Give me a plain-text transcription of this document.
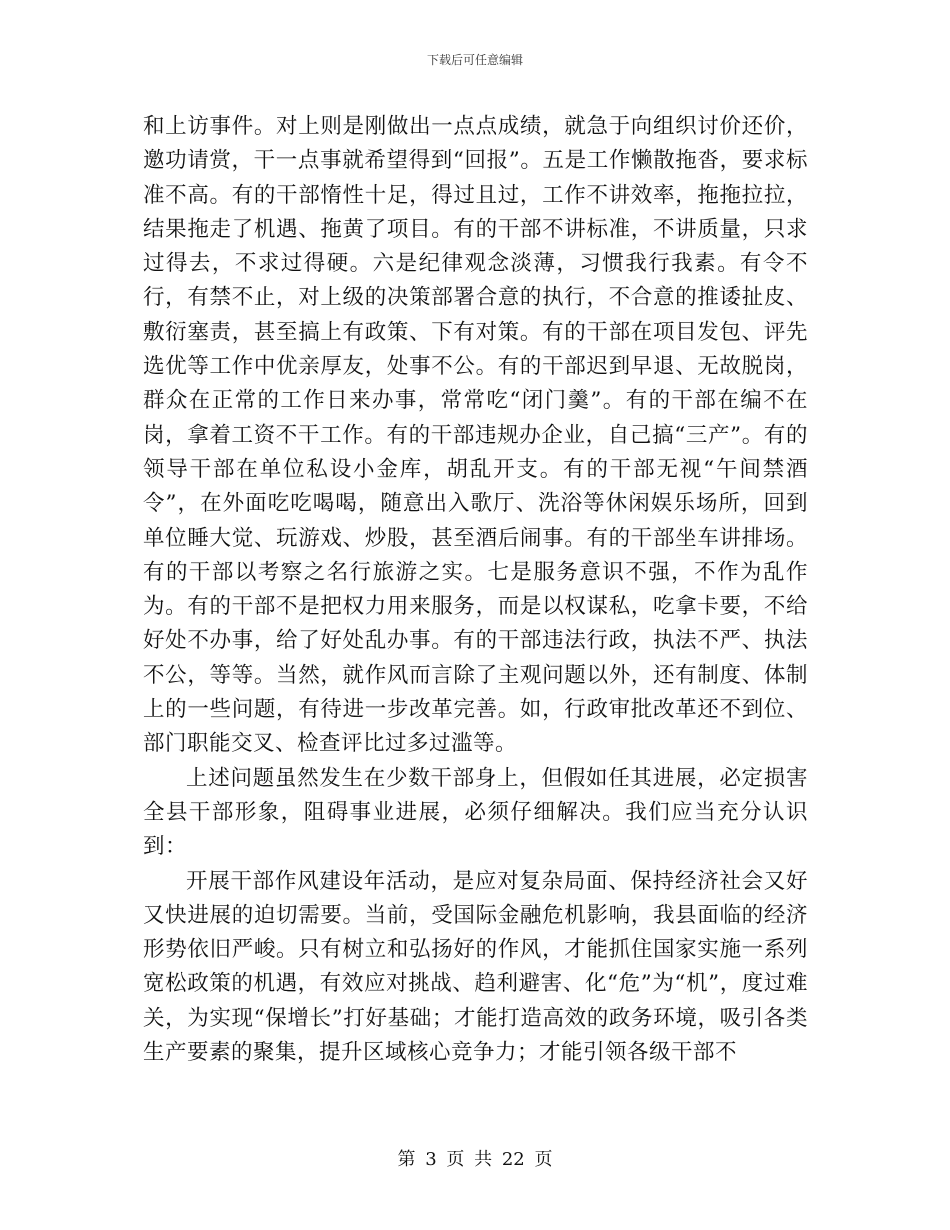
下载后可任意编辑

和上访事件。对上则是刚做出一点点成绩，就急于向组织讨价还价，邀功请赏，干一点事就希望得到“回报”。五是工作懒散拖沓，要求标准不高。有的干部惰性十足，得过且过，工作不讲效率，拖拖拉拉，结果拖走了机遇、拖黄了项目。有的干部不讲标准，不讲质量，只求过得去，不求过得硬。六是纪律观念淡薄，习惯我行我素。有令不行，有禁不止，对上级的决策部署合意的执行，不合意的推诿扯皮、敷衍塞责，甚至搞上有政策、下有对策。有的干部在项目发包、评先选优等工作中优亲厚友，处事不公。有的干部迟到早退、无故脱岗，群众在正常的工作日来办事，常常吃“闭门羹”。有的干部在编不在岗，拿着工资不干工作。有的干部违规办企业，自己搞“三产”。有的领导干部在单位私设小金库，胡乱开支。有的干部无视“午间禁酒令”，在外面吃吃喝喝，随意出入歌厅、洗浴等休闲娱乐场所，回到单位睡大觉、玩游戏、炒股，甚至酒后闹事。有的干部坐车讲排场。有的干部以考察之名行旅游之实。七是服务意识不强，不作为乱作为。有的干部不是把权力用来服务，而是以权谋私，吃拿卡要，不给好处不办事，给了好处乱办事。有的干部违法行政，执法不严、执法不公，等等。当然，就作风而言除了主观问题以外，还有制度、体制上的一些问题，有待进一步改革完善。如，行政审批改革还不到位、部门职能交叉、检查评比过多过滥等。

上述问题虽然发生在少数干部身上，但假如任其进展，必定损害全县干部形象，阻碍事业进展，必须仔细解决。我们应当充分认识到：

开展干部作风建设年活动，是应对复杂局面、保持经济社会又好又快进展的迫切需要。当前，受国际金融危机影响，我县面临的经济形势依旧严峻。只有树立和弘扬好的作风，才能抓住国家实施一系列宽松政策的机遇，有效应对挑战、趋利避害、化“危”为“机”，度过难关，为实现“保增长”打好基础；才能打造高效的政务环境，吸引各类生产要素的聚集，提升区域核心竞争力；才能引领各级干部不

第 3 页 共 22 页
